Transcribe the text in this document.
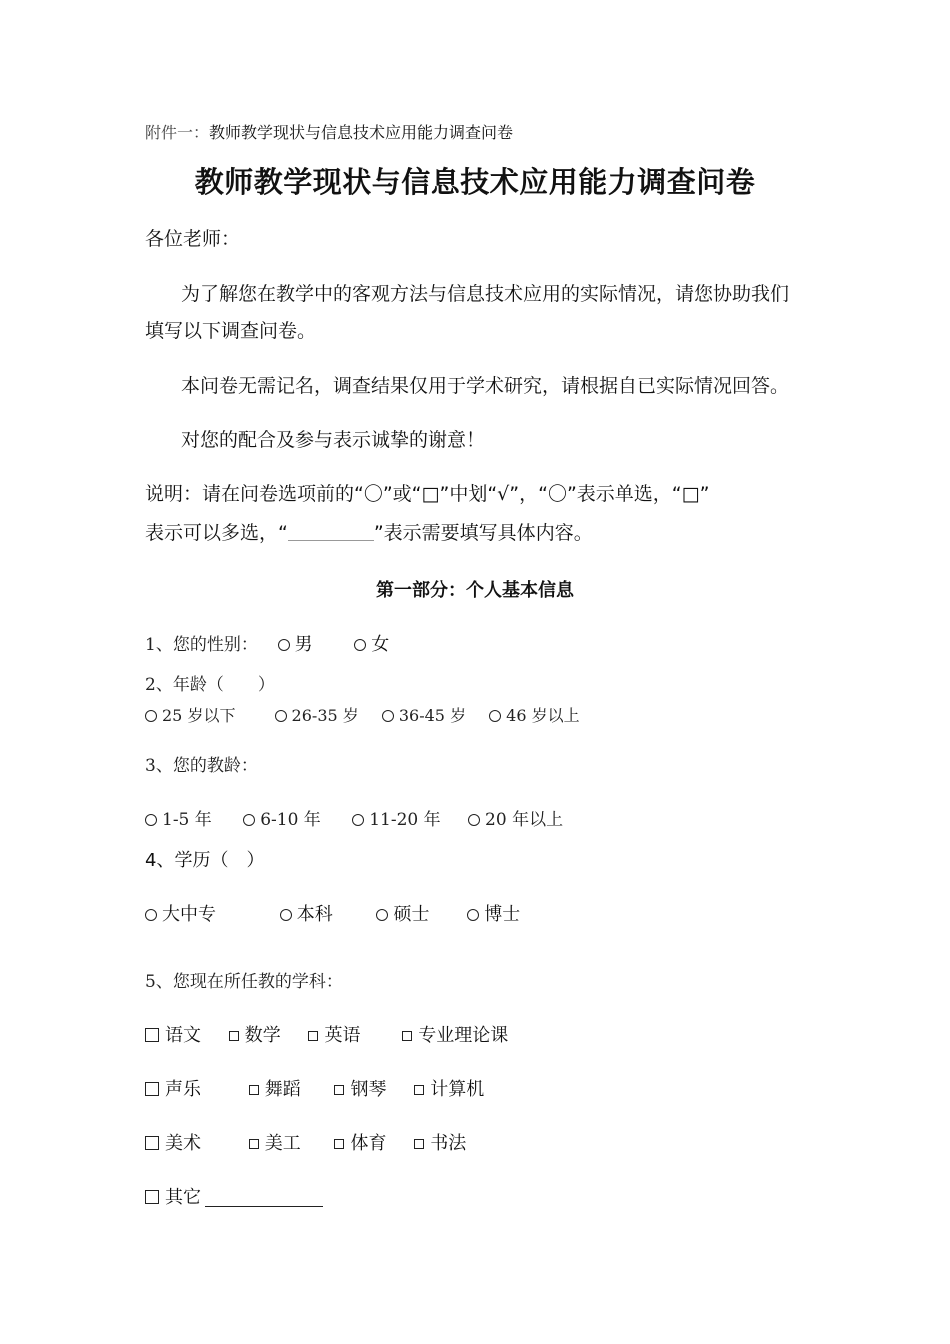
附件一：教师教学现状与信息技术应用能力调查问卷
教师教学现状与信息技术应用能力调查问卷
各位老师：
为了解您在教学中的客观方法与信息技术应用的实际情况，请您协助我们
填写以下调查问卷。
本问卷无需记名，调查结果仅用于学术研究，请根据自已实际情况回答。
对您的配合及参与表示诚挚的谢意！
说明：请在问卷选项前的“〇”或“□”中划“√”，“〇”表示单选，“□”
表示可以多选，“	”表示需要填写具体内容。
第一部分：个人基本信息
1、您的性别： 男	女
2、年龄（　　）
25 岁以下	26-35 岁	36-45 岁	46 岁以上
3、您的教龄：
1-5 年	6-10 年	11-20 年	20 年以上
4、学历（　）
大中专	本科	硕士	博士
5、您现在所任教的学科：
语文 数学 英语	专业理论课
声乐	舞蹈	钢琴 计算机
美术	美工	体育 书法
其它
